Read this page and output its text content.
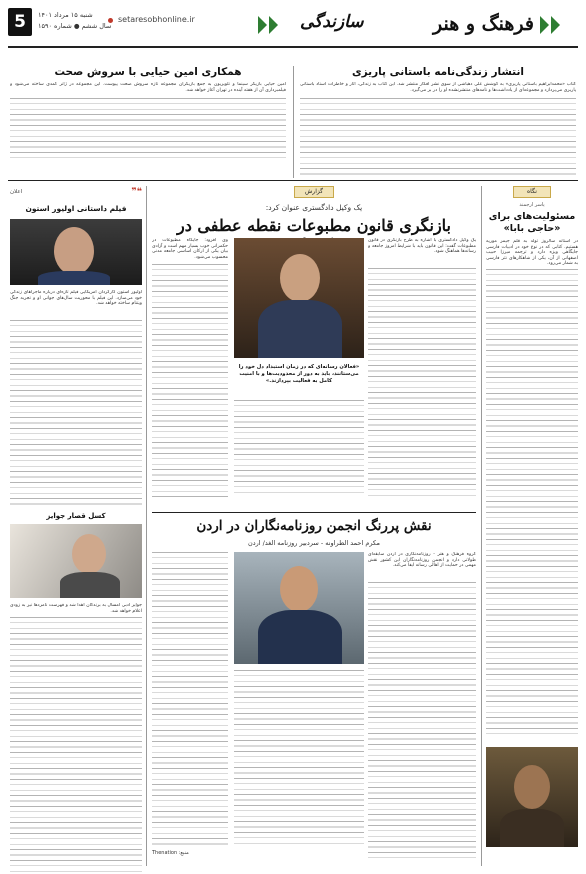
فرهنگ و هنر
سازندگی
setaresobhonline.ir
شنبه ۱۵ مرداد ۱۴۰۱
سال ششم ● شماره ۱۵۹۰
5
انتشار زندگی‌نامه باستانی پاریزی
کتاب «محمدابراهیم باستانی پاریزی» به کوشش علی دهباشی از سوی نشر افکار منتشر شد. این کتاب به زندگی، آثار و خاطرات استاد باستانی پاریزی می‌پردازد و مجموعه‌ای از یادداشت‌ها و نامه‌های منتشرنشده او را در بر می‌گیرد.
همکاری امین حیایی با سروش صحت
امین حیایی بازیگر سینما و تلویزیون به جمع بازیگران مجموعه تازه سروش صحت پیوست. این مجموعه در ژانر کمدی ساخته می‌شود و فیلمبرداری آن از هفته آینده در تهران آغاز خواهد شد.
نگاه
یاسر ارجمند
مسئولیت‌های برای «حاجی بابا»
در آستانه سالروز تولد به قلم جیمز موریه هستیم. کتابی که در نوع خود در ادبیات فارسی جایگاهی ویژه دارد و ترجمه میرزا حبیب اصفهانی از آن، یکی از شاهکارهای نثر فارسی به شمار می‌رود.
❝❞
اعلان
فیلم داستانی اولیور استون
اولیور استون کارگردان آمریکایی فیلم تازه‌ای درباره ماجراهای زندگی خود می‌سازد. این فیلم با محوریت سال‌های جوانی او و تجربه جنگ ویتنام ساخته خواهد شد.
کسل قصار جوایز
جوایز ادبی امسال به برندگان اهدا شد و فهرست نامزدها نیز به زودی اعلام خواهد شد.
گزارش
یک وکیل دادگستری عنوان کرد:
بازنگری قانون مطبوعات نقطه عطفی در
یک وکیل دادگستری با اشاره به طرح بازنگری در قانون مطبوعات گفت: این قانون باید با شرایط امروز جامعه و رسانه‌ها هماهنگ شود.
«فعالان رسانه‌ای که در زمان استبداد دل خود را می‌ستانند، باید به دور از محدودیت‌ها و با امنیت کامل به فعالیت بپردازند.»
وی افزود: جایگاه مطبوعات در حکمرانی خوب بسیار مهم است و آزادی بیان یکی از ارکان اساسی جامعه مدنی محسوب می‌شود.
نقش پررنگ انجمن روزنامه‌نگاران در اردن
مکرم احمد الطراونه - سردبیر روزنامه الغد/ اردن
گروه فرهنگ و هنر - روزنامه‌نگاری در اردن سابقه‌ای طولانی دارد و انجمن روزنامه‌نگاران این کشور نقش مهمی در حمایت از اهالی رسانه ایفا می‌کند.
منبع: Thenation
